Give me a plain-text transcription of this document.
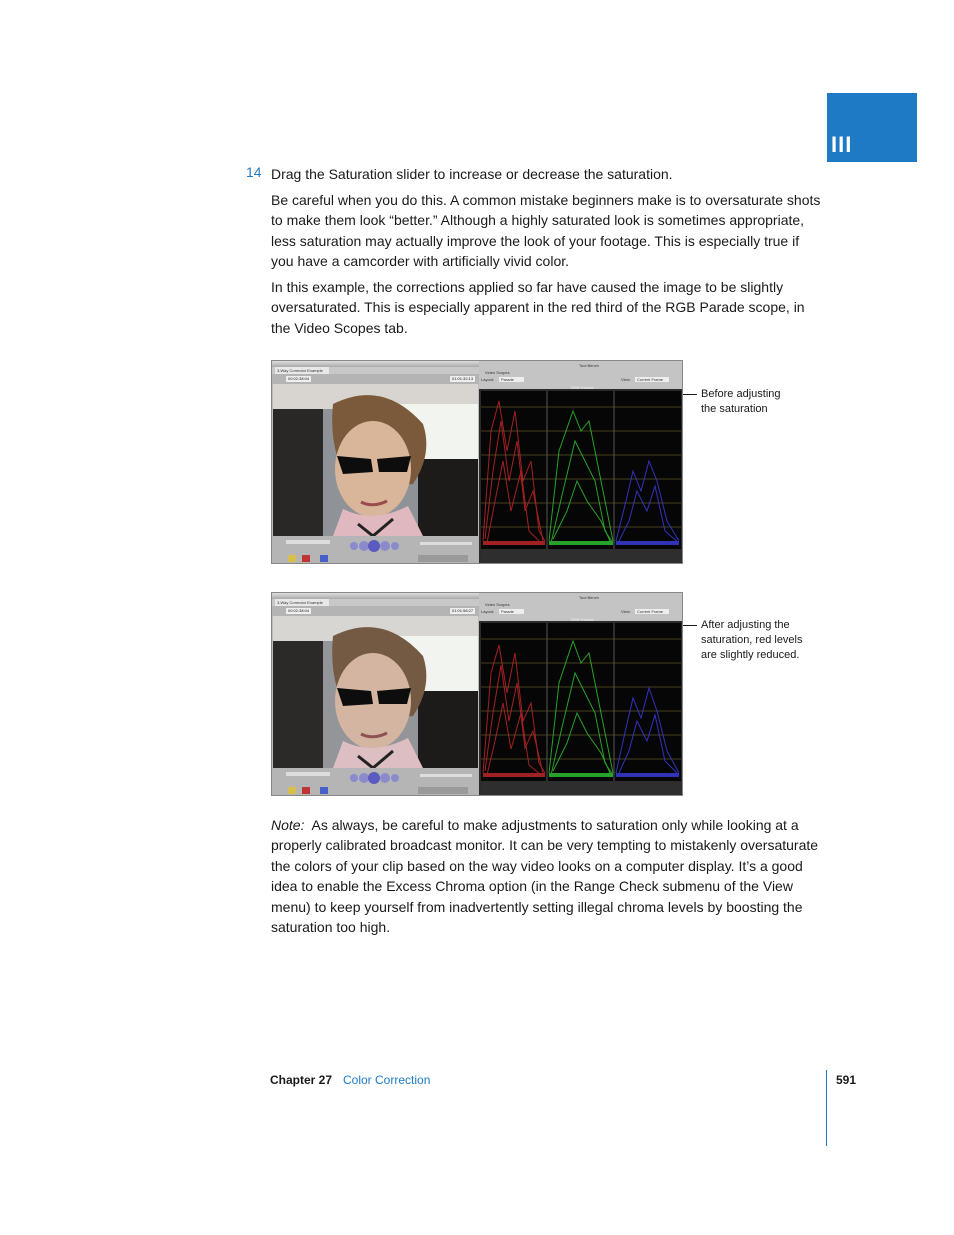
III
14 Drag the Saturation slider to increase or decrease the saturation.

Be careful when you do this. A common mistake beginners make is to oversaturate shots to make them look “better.” Although a highly saturated look is sometimes appropriate, less saturation may actually improve the look of your footage. This is especially true if you have a camcorder with artificially vivid color.

In this example, the corrections applied so far have caused the image to be slightly oversaturated. This is especially apparent in the red third of the RGB Parade scope, in the Video Scopes tab.

3-Way Corrector Example
00:02:38:04	01:01:32:13
Tool Bench
Video Scopes
Layout:	Parade	View:	Current Frame
RGB Parade
Before adjusting
the saturation
3-Way Corrector Example
00:02:38:04	01:01:58:27
Tool Bench
Video Scopes
Layout:	Parade	View:	Current Frame
RGB Parade	After adjusting the
saturation, red levels
are slightly reduced.

Note: As always, be careful to make adjustments to saturation only while looking at a properly calibrated broadcast monitor. It can be very tempting to mistakenly oversaturate the colors of your clip based on the way video looks on a computer display. It’s a good idea to enable the Excess Chroma option (in the Range Check submenu of the View menu) to keep yourself from inadvertently setting illegal chroma levels by boosting the saturation too high.

Chapter 27 Color Correction	591
